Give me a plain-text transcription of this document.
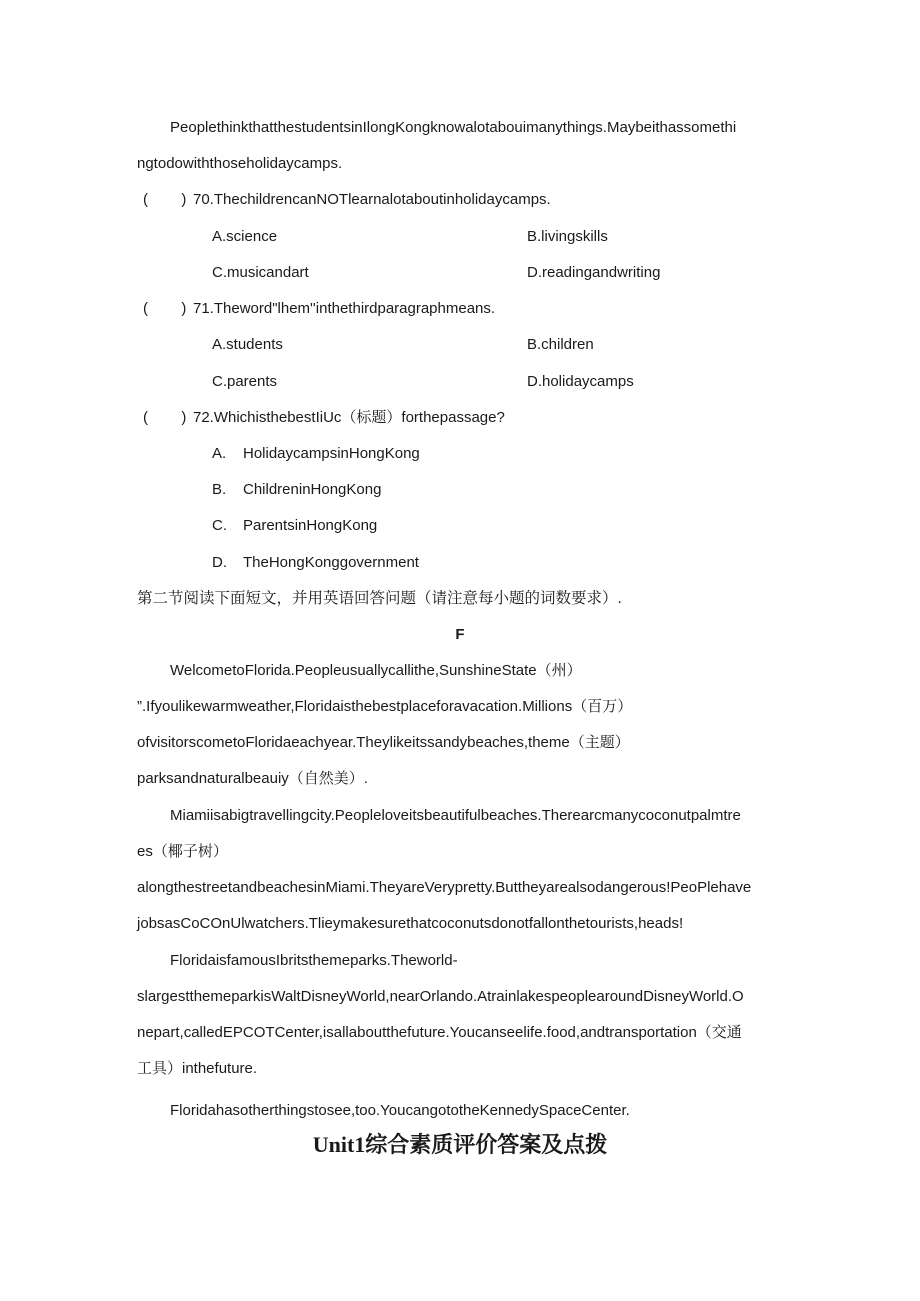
PeoplethinkthatthestudentsinIlongKongknowalotabouimanythings.Maybeithassomethi
ngtodowiththoseholidaycamps.
(        ) 70.ThechildrencanNOTlearnalotaboutinholidaycamps.
A.science	B.livingskills
C.musicandart	D.readingandwriting
(        ) 71.Theword"lhem''inthethirdparagraphmeans.
A.students	B.children
C.parents	D.holidaycamps
(        ) 72.WhichisthebestIiUc（标题）forthepassage?
A. HolidaycampsinHongKong
B. ChildreninHongKong
C. ParentsinHongKong
D. TheHongKonggovernment
第二节阅读下面短文，并用英语回答问题（请注意每小题的词数要求）.
F
WelcometoFlorida.Peopleusuallycallithe,SunshineState（州）
”.Ifyoulikewarmweather,Floridaisthebestplaceforavacation.Millions（百万）
ofvisitorscometoFloridaeachyear.Theylikeitssandybeaches,theme（主题）
parksandnaturalbeauiy（自然美）.
Miamiisabigtravellingcity.Peopleloveitsbeautifulbeaches.Therearcmanycoconutpalmtre
es（椰子树）
alongthestreetandbeachesinMiami.TheyareVerypretty.Buttheyarealsodangerous!PeoPlehave
jobsasCoCOnUlwatchers.Tlieymakesurethatcoconutsdonotfallonthetourists,heads!
FloridaisfamousIbritsthemeparks.Theworld-
slargestthemeparkisWaltDisneyWorld,nearOrlando.AtrainlakespeoplearoundDisneyWorld.O
nepart,calledEPCOTCenter,isallaboutthefuture.Youcanseelife.food,andtransportation（交通
工具）inthefuture.
Floridahasotherthingstosee,too.YoucangototheKennedySpaceCenter.
Unit1综合素质评价答案及点拨
